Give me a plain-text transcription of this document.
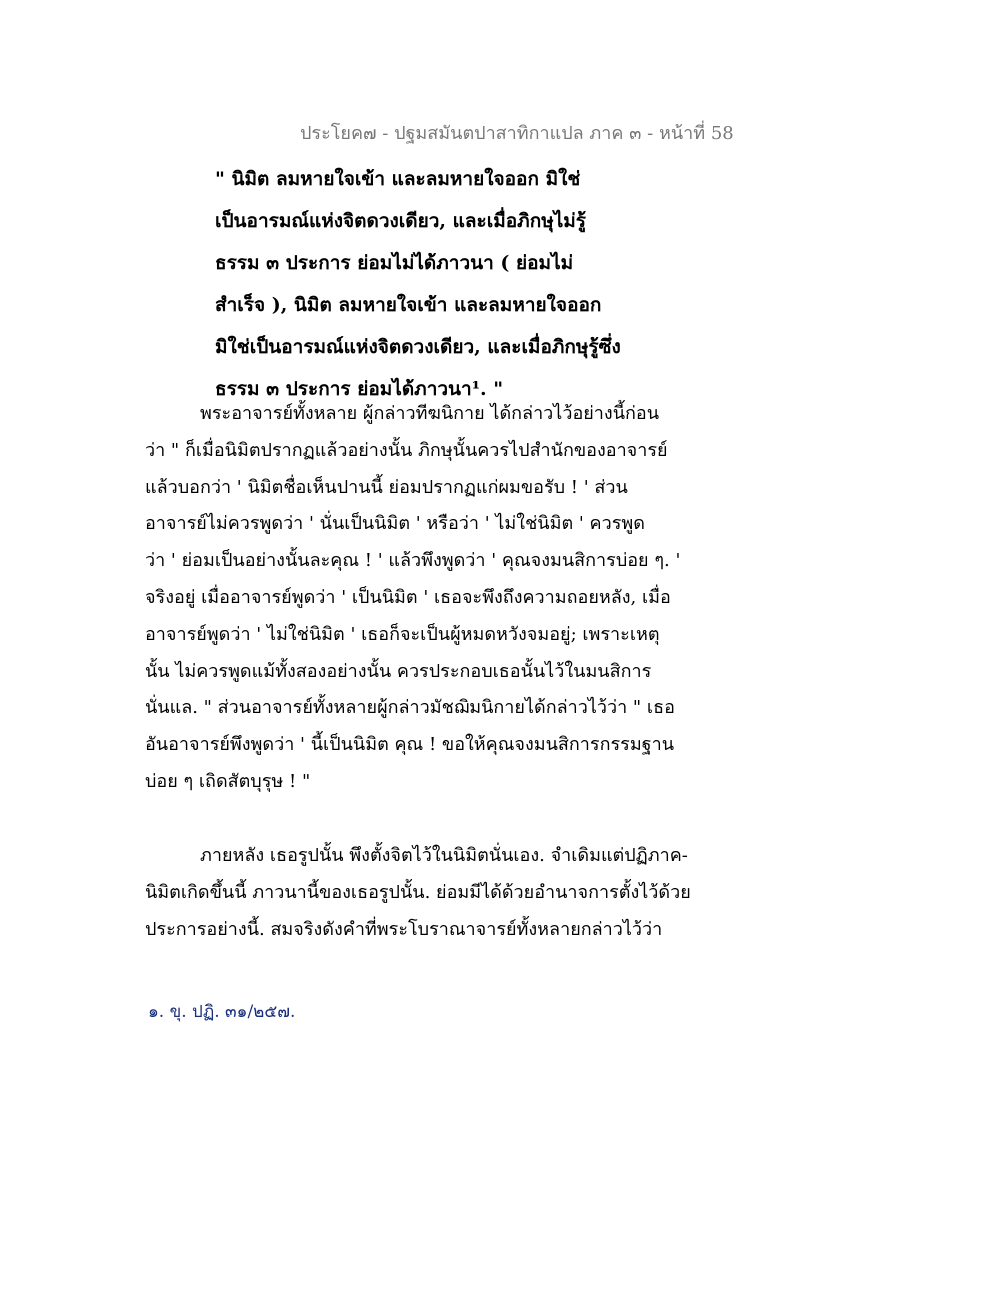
ประโยค๗ - ปฐมสมันตปาสาทิกาแปล ภาค ๓ - หน้าที่ 58
" นิมิต ลมหายใจเข้า และลมหายใจออก มิใช่
เป็นอารมณ์แห่งจิตดวงเดียว, และเมื่อภิกษุไม่รู้
ธรรม ๓ ประการ ย่อมไม่ได้ภาวนา ( ย่อมไม่
สำเร็จ ), นิมิต ลมหายใจเข้า และลมหายใจออก
มิใช่เป็นอารมณ์แห่งจิตดวงเดียว, และเมื่อภิกษุรู้ซึ่ง
ธรรม ๓ ประการ ย่อมได้ภาวนา¹. "
พระอาจารย์ทั้งหลาย ผู้กล่าวทีฆนิกาย ได้กล่าวไว้อย่างนี้ก่อน
ว่า " ก็เมื่อนิมิตปรากฏแล้วอย่างนั้น ภิกษุนั้นควรไปสำนักของอาจารย์
แล้วบอกว่า ' นิมิตชื่อเห็นปานนี้ ย่อมปรากฏแก่ผมขอรับ ! ' ส่วน
อาจารย์ไม่ควรพูดว่า ' นั่นเป็นนิมิต ' หรือว่า ' ไม่ใช่นิมิต ' ควรพูด
ว่า ' ย่อมเป็นอย่างนั้นละคุณ ! ' แล้วพึงพูดว่า ' คุณจงมนสิการบ่อย ๆ. '
จริงอยู่ เมื่ออาจารย์พูดว่า ' เป็นนิมิต ' เธอจะพึงถึงความถอยหลัง, เมื่อ
อาจารย์พูดว่า ' ไม่ใช่นิมิต ' เธอก็จะเป็นผู้หมดหวังจมอยู่; เพราะเหตุ
นั้น ไม่ควรพูดแม้ทั้งสองอย่างนั้น ควรประกอบเธอนั้นไว้ในมนสิการ
นั่นแล. " ส่วนอาจารย์ทั้งหลายผู้กล่าวมัชฌิมนิกายได้กล่าวไว้ว่า " เธอ
อันอาจารย์พึงพูดว่า ' นี้เป็นนิมิต คุณ ! ขอให้คุณจงมนสิการกรรมฐาน
บ่อย ๆ เถิดสัตบุรุษ ! "
ภายหลัง เธอรูปนั้น พึงตั้งจิตไว้ในนิมิตนั่นเอง. จำเดิมแต่ปฏิภาค-
นิมิตเกิดขึ้นนี้ ภาวนานี้ของเธอรูปนั้น. ย่อมมีได้ด้วยอำนาจการตั้งไว้ด้วย
ประการอย่างนี้. สมจริงดังคำที่พระโบราณาจารย์ทั้งหลายกล่าวไว้ว่า
๑. ขุ. ปฏิ. ๓๑/๒๕๗.
